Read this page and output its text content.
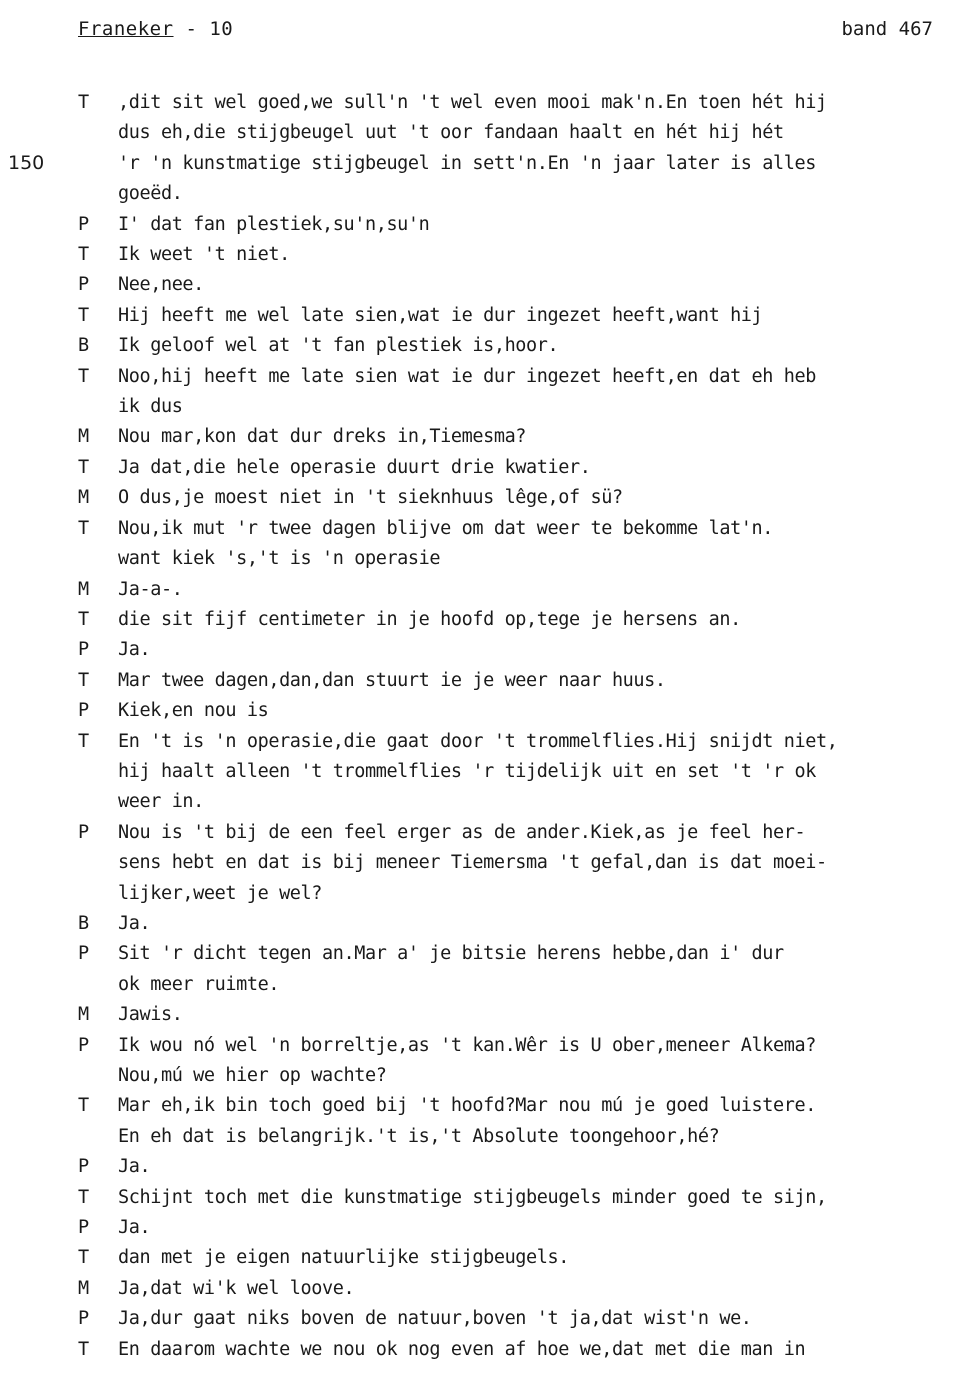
Franeker - 10	band 467
150
T ,dit sit wel goed,we sull'n 't wel even mooi mak'n.En toen hét hij
dus eh,die stijgbeugel uut 't oor fandaan haalt en hét hij hét
'r 'n kunstmatige stijgbeugel in sett'n.En 'n jaar later is alles
goeëd.
P I' dat fan plestiek,su'n,su'n
T Ik weet 't niet.
P Nee,nee.
T Hij heeft me wel late sien,wat ie dur ingezet heeft,want hij
B Ik geloof wel at 't fan plestiek is,hoor.
T Noo,hij heeft me late sien wat ie dur ingezet heeft,en dat eh heb
ik dus
M Nou mar,kon dat dur dreks in,Tiemesma?
T Ja dat,die hele operasie duurt drie kwatier.
M O dus,je moest niet in 't sieknhuus lêge,of sü?
T Nou,ik mut 'r twee dagen blijve om dat weer te bekomme lat'n.
want kiek 's,'t is 'n operasie
M Ja-a-.
T die sit fijf centimeter in je hoofd op,tege je hersens an.
P Ja.
T Mar twee dagen,dan,dan stuurt ie je weer naar huus.
P Kiek,en nou is
T En 't is 'n operasie,die gaat door 't trommelflies.Hij snijdt niet,
hij haalt alleen 't trommelflies 'r tijdelijk uit en set 't 'r ok
weer in.
P Nou is 't bij de een feel erger as de ander.Kiek,as je feel her-
sens hebt en dat is bij meneer Tiemersma 't gefal,dan is dat moei-
lijker,weet je wel?
B Ja.
P Sit 'r dicht tegen an.Mar a' je bitsie herens hebbe,dan i' dur
ok meer ruimte.
M Jawis.
P Ik wou nó wel 'n borreltje,as 't kan.Wêr is U ober,meneer Alkema?
Nou,mú we hier op wachte?
T Mar eh,ik bin toch goed bij 't hoofd?Mar nou mú je goed luistere.
En eh dat is belangrijk.'t is,'t Absolute toongehoor,hé?
P Ja.
T Schijnt toch met die kunstmatige stijgbeugels minder goed te sijn,
P Ja.
T dan met je eigen natuurlijke stijgbeugels.
M Ja,dat wi'k wel loove.
P Ja,dur gaat niks boven de natuur,boven 't ja,dat wist'n we.
T En daarom wachte we nou ok nog even af hoe we,dat met die man in
